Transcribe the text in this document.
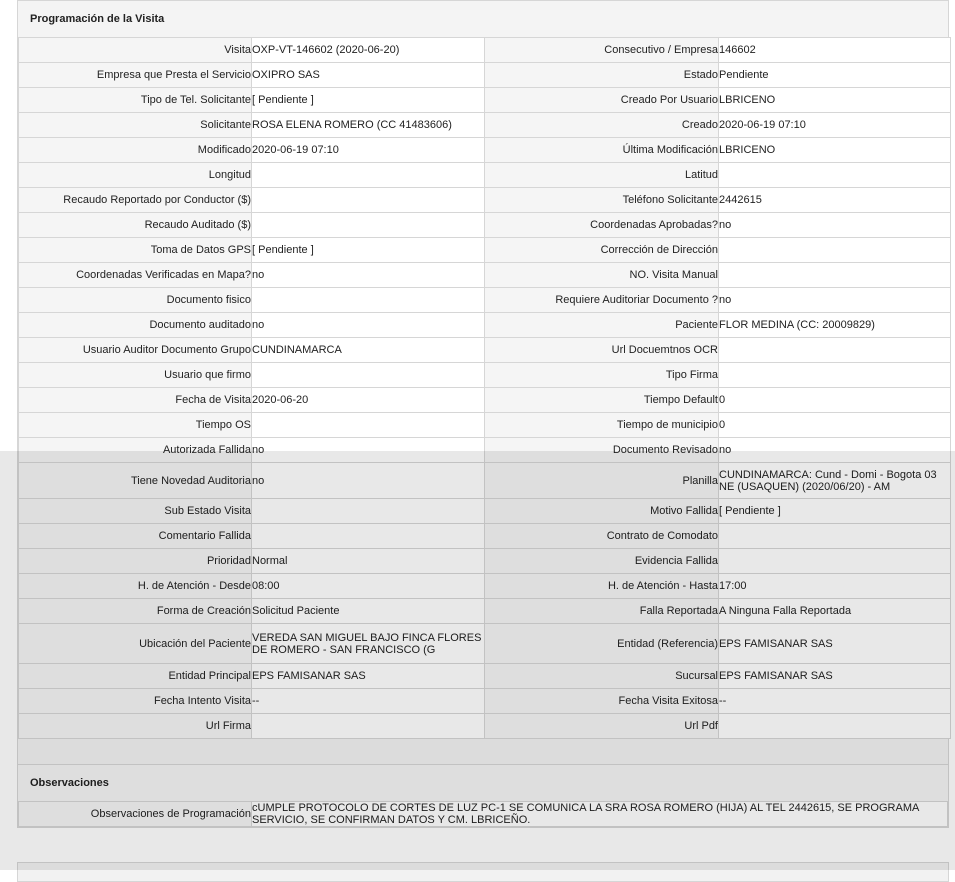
Programación de la Visita
Visita	OXP-VT-146602 (2020-06-20)	Consecutivo / Empresa	146602

Empresa que Presta el Servicio	OXIPRO SAS	Estado	Pendiente

Tipo de Tel. Solicitante	[ Pendiente ]	Creado Por Usuario	LBRICENO

Solicitante	ROSA ELENA ROMERO (CC 41483606)	Creado	2020-06-19 07:10

Modificado	2020-06-19 07:10	Última Modificación	LBRICENO

Longitud		Latitud	

Recaudo Reportado por Conductor ($)		Teléfono Solicitante	2442615

Recaudo Auditado ($)		Coordenadas Aprobadas?	no

Toma de Datos GPS	[ Pendiente ]	Corrección de Dirección	

Coordenadas Verificadas en Mapa?	no	NO. Visita Manual	

Documento fisico		Requiere Auditoriar Documento ?	no

Documento auditado	no	Paciente	FLOR MEDINA (CC: 20009829)

Usuario Auditor Documento Grupo	CUNDINAMARCA	Url Docuemtnos OCR	

Usuario que firmo		Tipo Firma	

Fecha de Visita	2020-06-20	Tiempo Default	0

Tiempo OS		Tiempo de municipio	0

Autorizada Fallida	no	Documento Revisado	no

Tiene Novedad Auditoria	no	Planilla	CUNDINAMARCA: Cund - Domi - Bogota 03 NE (USAQUEN) (2020/06/20) - AM

Sub Estado Visita		Motivo Fallida	[ Pendiente ]

Comentario Fallida		Contrato de Comodato	

Prioridad	Normal	Evidencia Fallida	

H. de Atención - Desde	08:00	H. de Atención - Hasta	17:00

Forma de Creación	Solicitud Paciente	Falla Reportada	A Ninguna Falla Reportada

Ubicación del Paciente	VEREDA SAN MIGUEL BAJO FINCA FLORES DE ROMERO - SAN FRANCISCO (G	Entidad (Referencia)	EPS FAMISANAR SAS

Entidad Principal	EPS FAMISANAR SAS	Sucursal	EPS FAMISANAR SAS

Fecha Intento Visita	--	Fecha Visita Exitosa	--

Url Firma		Url Pdf	
Observaciones
Observaciones de Programación	cUMPLE PROTOCOLO DE CORTES DE LUZ PC-1 SE COMUNICA LA SRA ROSA ROMERO (HIJA) AL TEL 2442615, SE PROGRAMA SERVICIO, SE CONFIRMAN DATOS Y CM. LBRICEÑO.
